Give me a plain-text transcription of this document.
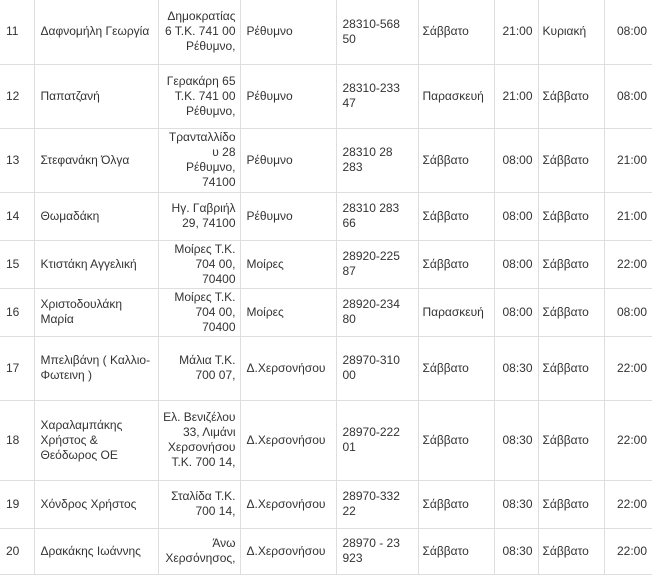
11	Δαφνομήλη Γεωργία	Δημοκρατίας 6 Τ.Κ. 741 00 Ρέθυμνο,	Ρέθυμνο	28310-568 50	Σάββατο	21:00	Κυριακή	08:00
12	Παπατζανή	Γερακάρη 65 Τ.Κ. 741 00 Ρέθυμνο,	Ρέθυμνο	28310-233 47	Παρασκευή	21:00	Σάββατο	08:00
13	Στεφανάκη Όλγα	Τρανταλλίδου 28 Ρέθυμνο, 74100	Ρέθυμνο	28310 28 283	Σάββατο	08:00	Σάββατο	21:00
14	Θωμαδάκη	Ηγ. Γαβριήλ 29, 74100	Ρέθυμνο	28310 283 66	Σάββατο	08:00	Σάββατο	21:00
15	Κτιστάκη Αγγελική	Μοίρες Τ.Κ. 704 00, 70400	Μοίρες	28920-225 87	Σάββατο	08:00	Σάββατο	22:00
16	Χριστοδουλάκη Μαρία	Μοίρες Τ.Κ. 704 00, 70400	Μοίρες	28920-234 80	Παρασκευή	08:00	Σάββατο	08:00
17	Μπελιβάνη ( Καλλιο-Φωτεινη )	Μάλια Τ.Κ. 700 07,	Δ.Χερσονήσου	28970-310 00	Σάββατο	08:30	Σάββατο	22:00
18	Χαραλαμπάκης Χρήστος & Θεόδωρος ΟΕ	Ελ. Βενιζέλου 33, Λιμάνι Χερσονήσου Τ.Κ. 700 14,	Δ.Χερσονήσου	28970-222 01	Σάββατο	08:30	Σάββατο	22:00
19	Χόνδρος Χρήστος	Σταλίδα Τ.Κ. 700 14,	Δ.Χερσονήσου	28970-332 22	Σάββατο	08:30	Σάββατο	22:00
20	Δρακάκης Ιωάννης	Άνω Χερσόνησος,	Δ.Χερσονήσου	28970 - 23 923	Σάββατο	08:30	Σάββατο	22:00
